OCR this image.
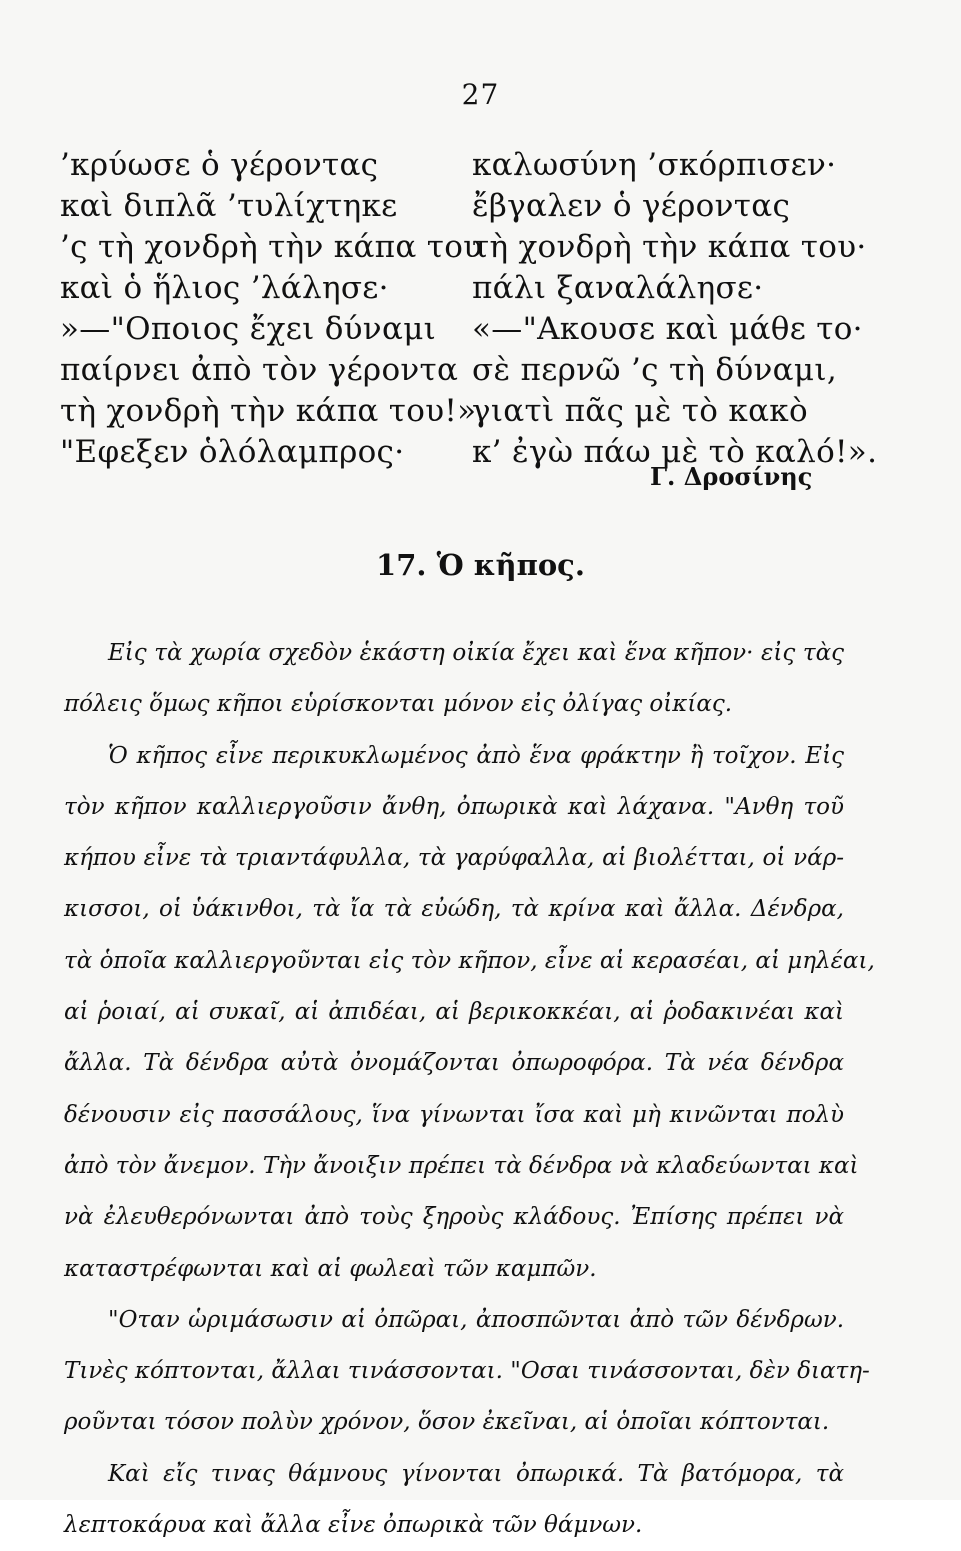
27
’κρύωσε ὁ γέροντας
καὶ διπλᾶ ’τυλίχτηκε
’ς τὴ χονδρὴ τὴν κάπα του
καὶ ὁ ἥλιος ’λάλησε·
»—"Οποιος ἔχει δύναμι
παίρνει ἀπὸ τὸν γέροντα
τὴ χονδρὴ τὴν κάπα του!».
"Εφεξεν ὁλόλαμπρος·
καλωσύνη ’σκόρπισεν·
ἔβγαλεν ὁ γέροντας
τὴ χονδρὴ τὴν κάπα του·
πάλι ξαναλάλησε·
«—"Ακουσε καὶ μάθε το·
σὲ περνῶ ’ς τὴ δύναμι,
γιατὶ πᾶς μὲ τὸ κακὸ
κ’ ἐγὼ πάω μὲ τὸ καλό!».
Γ. Δροσίνης
17. Ὁ κῆπος.
Εἰς τὰ χωρία σχεδὸν ἑκάστη οἰκία ἔχει καὶ ἕνα κῆπον· εἰς τὰς
πόλεις ὅμως κῆποι εὑρίσκονται μόνον εἰς ὀλίγας οἰκίας.
Ὁ κῆπος εἶνε περικυκλωμένος ἀπὸ ἕνα φράκτην ἢ τοῖχον. Εἰς
τὸν κῆπον καλλιεργοῦσιν ἄνθη, ὀπωρικὰ καὶ λάχανα. "Ανθη τοῦ
κήπου εἶνε τὰ τριαντάφυλλα, τὰ γαρύφαλλα, αἱ βιολέτται, οἱ νάρ-
κισσοι, οἱ ὑάκινθοι, τὰ ἴα τὰ εὐώδη, τὰ κρίνα καὶ ἄλλα. Δένδρα,
τὰ ὁποῖα καλλιεργοῦνται εἰς τὸν κῆπον, εἶνε αἱ κερασέαι, αἱ μηλέαι,
αἱ ῥοιαί, αἱ συκαῖ, αἱ ἀπιδέαι, αἱ βερικοκκέαι, αἱ ῥοδακινέαι καὶ
ἄλλα. Τὰ δένδρα αὐτὰ ὀνομάζονται ὀπωροφόρα. Τὰ νέα δένδρα
δένουσιν εἰς πασσάλους, ἵνα γίνωνται ἴσα καὶ μὴ κινῶνται πολὺ
ἀπὸ τὸν ἄνεμον. Τὴν ἄνοιξιν πρέπει τὰ δένδρα νὰ κλαδεύωνται καὶ
νὰ ἐλευθερόνωνται ἀπὸ τοὺς ξηροὺς κλάδους. Ἐπίσης πρέπει νὰ
καταστρέφωνται καὶ αἱ φωλεαὶ τῶν καμπῶν.
"Οταν ὡριμάσωσιν αἱ ὀπῶραι, ἀποσπῶνται ἀπὸ τῶν δένδρων.
Τινὲς κόπτονται, ἄλλαι τινάσσονται. "Οσαι τινάσσονται, δὲν διατη-
ροῦνται τόσον πολὺν χρόνον, ὅσον ἐκεῖναι, αἱ ὁποῖαι κόπτονται.
Καὶ εἴς τινας θάμνους γίνονται ὀπωρικά. Τὰ βατόμορα, τὰ
λεπτοκάρυα καὶ ἄλλα εἶνε ὀπωρικὰ τῶν θάμνων.
